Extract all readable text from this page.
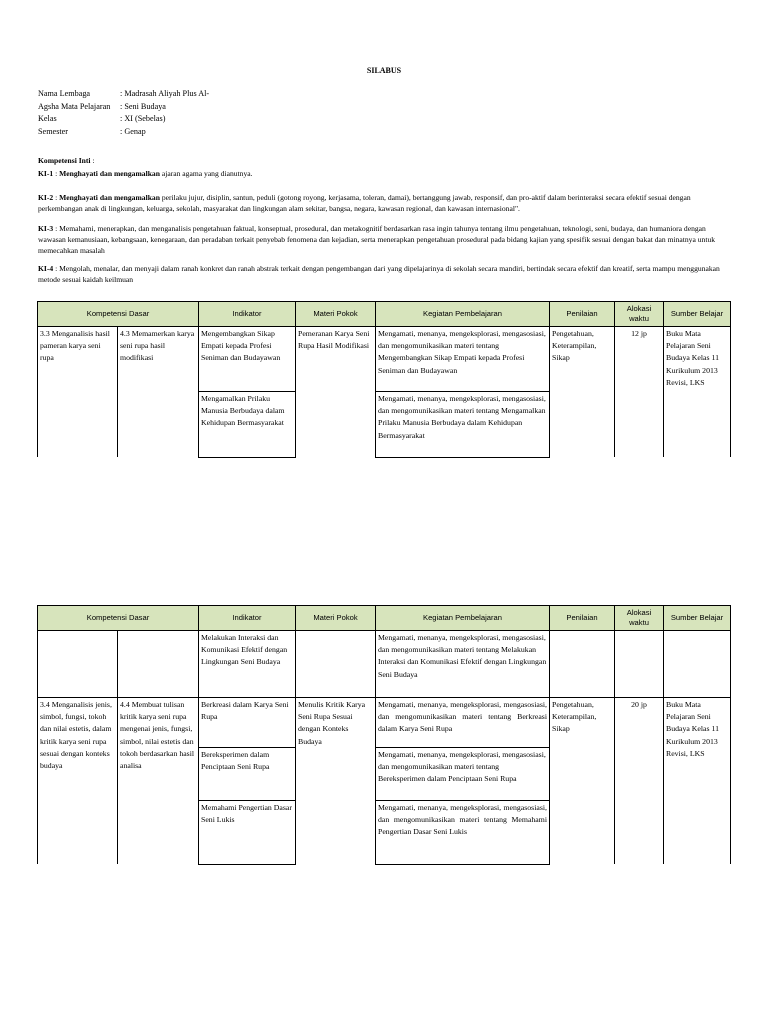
SILABUS
Nama Lembaga	: Madrasah Aliyah Plus Al-
Agsha Mata Pelajaran	: Seni Budaya
Kelas	: XI (Sebelas)
Semester	: Genap
Kompetensi Inti :
KI-1 : Menghayati dan mengamalkan ajaran agama yang dianutnya.
KI-2 : Menghayati dan mengamalkan perilaku jujur, disiplin, santun, peduli (gotong royong, kerjasama, toleran, damai), bertanggung jawab, responsif, dan pro-aktif dalam berinteraksi secara efektif sesuai dengan perkembangan anak di lingkungan, keluarga, sekolah, masyarakat dan lingkungan alam sekitar, bangsa, negara, kawasan regional, dan kawasan internasional".
KI-3 : Memahami, menerapkan, dan menganalisis pengetahuan faktual, konseptual, prosedural, dan metakognitif berdasarkan rasa ingin tahunya tentang ilmu pengetahuan, teknologi, seni, budaya, dan humaniora dengan wawasan kemanusiaan, kebangsaan, kenegaraan, dan peradaban terkait penyebab fenomena dan kejadian, serta menerapkan pengetahuan prosedural pada bidang kajian yang spesifik sesuai dengan bakat dan minatnya untuk memecahkan masalah
KI-4 : Mengolah, menalar, dan menyaji dalam ranah konkret dan ranah abstrak terkait dengan pengembangan dari yang dipelajarinya di sekolah secara mandiri, bertindak secara efektif dan kreatif, serta mampu menggunakan metode sesuai kaidah keilmuan
Kompetensi Dasar		Indikator	Materi Pokok	Kegiatan Pembelajaran	Penilaian	Alokasi waktu	Sumber Belajar
3.3 Menganalisis hasil pameran karya seni rupa	4.3 Memamerkan karya seni rupa hasil modifikasi	Mengembangkan Sikap Empati kepada Profesi Seniman dan Budayawan	Pemeranan Karya Seni Rupa Hasil Modifikasi	Mengamati, menanya, mengeksplorasi, mengasosiasi, dan mengomunikasikan materi tentang Mengembangkan Sikap Empati kepada Profesi Seniman dan Budayawan	Pengetahuan, Keterampilan, Sikap	12 jp	Buku Mata Pelajaran Seni Budaya Kelas 11 Kurikulum 2013 Revisi, LKS
		Mengamalkan Prilaku Manusia Berbudaya dalam Kehidupan Bermasyarakat		Mengamati, menanya, mengeksplorasi, mengasosiasi, dan mengomunikasikan materi tentang Mengamalkan Prilaku Manusia Berbudaya dalam Kehidupan Bermasyarakat			
Kompetensi Dasar		Indikator	Materi Pokok	Kegiatan Pembelajaran	Penilaian	Alokasi waktu	Sumber Belajar
		Melakukan Interaksi dan Komunikasi Efektif dengan Lingkungan Seni Budaya		Mengamati, menanya, mengeksplorasi, mengasosiasi, dan mengomunikasikan materi tentang Melakukan Interaksi dan Komunikasi Efektif dengan Lingkungan Seni Budaya			
3.4 Menganalisis jenis, simbol, fungsi, tokoh dan nilai estetis, dalam kritik karya seni rupa sesuai dengan konteks budaya	4.4 Membuat tulisan kritik karya seni rupa mengenai jenis, fungsi, simbol, nilai estetis dan tokoh berdasarkan hasil analisa	Berkreasi dalam Karya Seni Rupa	Menulis Kritik Karya Seni Rupa Sesuai dengan Konteks Budaya	Mengamati, menanya, mengeksplorasi, mengasosiasi, dan mengomunikasikan materi tentang Berkreasi dalam Karya Seni Rupa	Pengetahuan, Keterampilan, Sikap	20 jp	Buku Mata Pelajaran Seni Budaya Kelas 11 Kurikulum 2013 Revisi, LKS
		Bereksperimen dalam Penciptaan Seni Rupa		Mengamati, menanya, mengeksplorasi, mengasosiasi, dan mengomunikasikan materi tentang Bereksperimen dalam Penciptaan Seni Rupa			
		Memahami Pengertian Dasar Seni Lukis		Mengamati, menanya, mengeksplorasi, mengasosiasi, dan mengomunikasikan materi tentang Memahami Pengertian Dasar Seni Lukis			
